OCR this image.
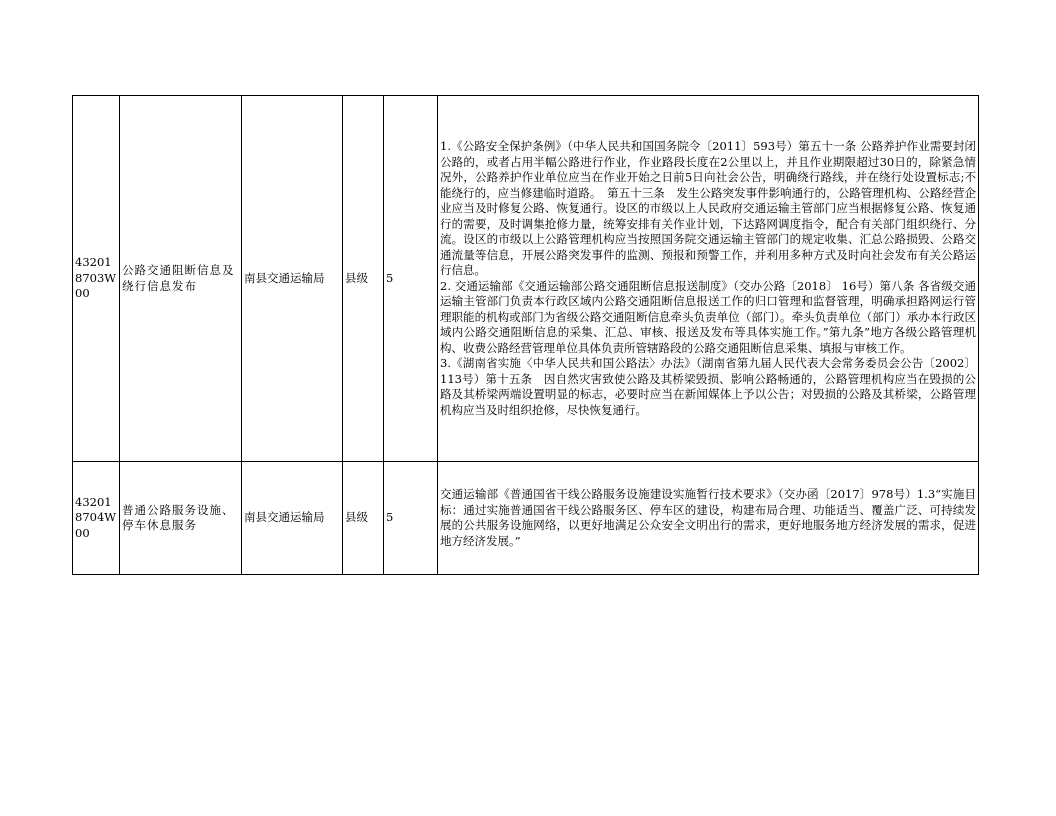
432018703W00	公路交通阻断信息及绕行信息发布	南县交通运输局	县级	5	1.《公路安全保护条例》（中华人民共和国国务院令〔2011〕593号）第五十一条 公路养护作业需要封闭公路的，或者占用半幅公路进行作业，作业路段长度在2公里以上，并且作业期限超过30日的，除紧急情况外，公路养护作业单位应当在作业开始之日前5日向社会公告，明确绕行路线，并在绕行处设置标志;不能绕行的，应当修建临时道路。　第五十三条　发生公路突发事件影响通行的，公路管理机构、公路经营企业应当及时修复公路、恢复通行。设区的市级以上人民政府交通运输主管部门应当根据修复公路、恢复通行的需要，及时调集抢修力量，统筹安排有关作业计划，下达路网调度指令，配合有关部门组织绕行、分流。设区的市级以上公路管理机构应当按照国务院交通运输主管部门的规定收集、汇总公路损毁、公路交通流量等信息，开展公路突发事件的监测、预报和预警工作，并利用多种方式及时向社会发布有关公路运行信息。

2. 交通运输部《交通运输部公路交通阻断信息报送制度》（交办公路〔2018〕 16号）第八条 各省级交通运输主管部门负责本行政区域内公路交通阻断信息报送工作的归口管理和监督管理，明确承担路网运行管理职能的机构或部门为省级公路交通阻断信息牵头负责单位（部门）。牵头负责单位（部门）承办本行政区域内公路交通阻断信息的采集、汇总、审核、报送及发布等具体实施工作。”第九条”地方各级公路管理机构、收费公路经营管理单位具体负责所管辖路段的公路交通阻断信息采集、填报与审核工作。

3.《湖南省实施〈中华人民共和国公路法〉办法》（湖南省第九届人民代表大会常务委员会公告〔2002〕113号）第十五条　因自然灾害致使公路及其桥梁毁损、影响公路畅通的，公路管理机构应当在毁损的公路及其桥梁两端设置明显的标志，必要时应当在新闻媒体上予以公告；对毁损的公路及其桥梁，公路管理机构应当及时组织抢修，尽快恢复通行。

432018704W00	普通公路服务设施、停车休息服务	南县交通运输局	县级	5	交通运输部《普通国省干线公路服务设施建设实施暂行技术要求》（交办函〔2017〕978号）1.3“实施目标：通过实施普通国省干线公路服务区、停车区的建设，构建布局合理、功能适当、覆盖广泛、可持续发展的公共服务设施网络，以更好地满足公众安全文明出行的需求，更好地服务地方经济发展的需求，促进地方经济发展。”
